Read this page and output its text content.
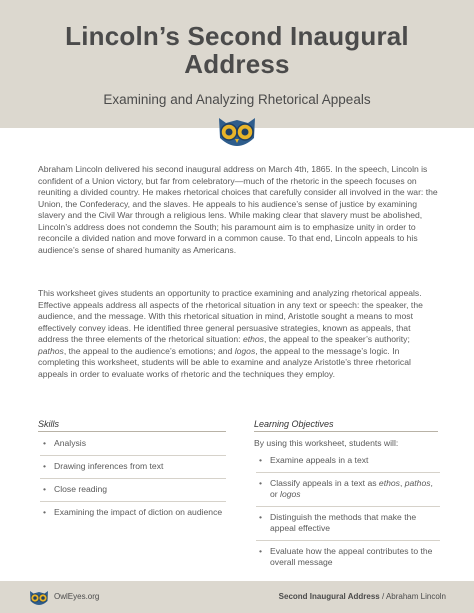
Lincoln’s Second Inaugural
Address
Examining and Analyzing Rhetorical Appeals

Abraham Lincoln delivered his second inaugural address on March 4th, 1865. In the speech, Lincoln is confident of a Union victory, but far from celebratory—much of the rhetoric in the speech focuses on reuniting a divided country. He makes rhetorical choices that carefully consider all involved in the war: the Union, the Confederacy, and the slaves. He appeals to his audience’s sense of justice by examining slavery and the Civil War through a religious lens. While making clear that slavery must be abolished, Lincoln’s address does not condemn the South; his paramount aim is to emphasize unity in order to reconcile a divided nation and move forward in a common cause. To that end, Lincoln appeals to his audience’s sense of shared humanity as Americans.

This worksheet gives students an opportunity to practice examining and analyzing rhetorical appeals. Effective appeals address all aspects of the rhetorical situation in any text or speech: the speaker, the audience, and the message. With this rhetorical situation in mind, Aristotle sought a means to most effectively convey ideas. He identified three general persuasive strategies, known as appeals, that address the three elements of the rhetorical situation: ethos, the appeal to the speaker’s authority; pathos, the appeal to the audience’s emotions; and logos, the appeal to the message’s logic. In completing this worksheet, students will be able to examine and analyze Aristotle’s three rhetorical appeals in order to evaluate works of rhetoric and the techniques they employ.

Skills
• Analysis
• Drawing inferences from text
• Close reading
• Examining the impact of diction on audience
Learning Objectives
By using this worksheet, students will:
• Examine appeals in a text
• Classify appeals in a text as ethos, pathos, or logos
• Distinguish the methods that make the appeal effective
• Evaluate how the appeal contributes to the overall message
OwlEyes.org	Second Inaugural Address / Abraham Lincoln
